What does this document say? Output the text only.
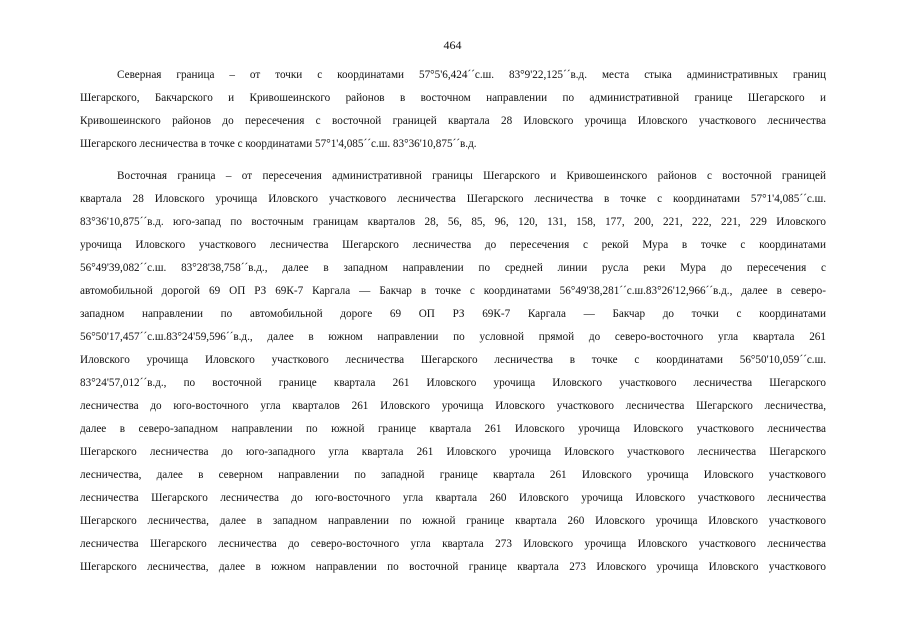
464
Северная граница – от точки с координатами 57°5'6,424´´с.ш. 83°9'22,125´´в.д. места стыка административных границ
Шегарского, Бакчарского и Кривошеинского районов в восточном направлении по административной границе Шегарского и
Кривошеинского районов до пересечения с восточной границей квартала 28 Иловского урочища Иловского участкового лесничества
Шегарского лесничества в точке с координатами 57°1'4,085´´с.ш. 83°36'10,875´´в.д.
Восточная граница – от пересечения административной границы Шегарского и Кривошеинского районов с восточной границей
квартала 28 Иловского урочища Иловского участкового лесничества Шегарского лесничества в точке с координатами 57°1'4,085´´с.ш.
83°36'10,875´´в.д. юго-запад по восточным границам кварталов 28, 56, 85, 96, 120, 131, 158, 177, 200, 221, 222, 221, 229 Иловского
урочища Иловского участкового лесничества Шегарского лесничества до пересечения с рекой Мура в точке с координатами
56°49'39,082´´с.ш. 83°28'38,758´´в.д., далее в западном направлении по средней линии русла реки Мура до пересечения с
автомобильной дорогой 69 ОП РЗ 69К-7 Каргала — Бакчар в точке с координатами 56°49'38,281´´с.ш.83°26'12,966´´в.д., далее в северо-
западном направлении по автомобильной дороге 69 ОП РЗ 69К-7 Каргала — Бакчар до точки с координатами
56°50'17,457´´с.ш.83°24'59,596´´в.д., далее в южном направлении по условной прямой до северо-восточного угла квартала 261
Иловского урочища Иловского участкового лесничества Шегарского лесничества в точке с координатами 56°50'10,059´´с.ш.
83°24'57,012´´в.д., по восточной границе квартала 261 Иловского урочища Иловского участкового лесничества Шегарского
лесничества до юго-восточного угла кварталов 261 Иловского урочища Иловского участкового лесничества Шегарского лесничества,
далее в северо-западном направлении по южной границе квартала 261 Иловского урочища Иловского участкового лесничества
Шегарского лесничества до юго-западного угла квартала 261 Иловского урочища Иловского участкового лесничества Шегарского
лесничества, далее в северном направлении по западной границе квартала 261 Иловского урочища Иловского участкового
лесничества Шегарского лесничества до юго-восточного угла квартала 260 Иловского урочища Иловского участкового лесничества
Шегарского лесничества, далее в западном направлении по южной границе квартала 260 Иловского урочища Иловского участкового
лесничества Шегарского лесничества до северо-восточного угла квартала 273 Иловского урочища Иловского участкового лесничества
Шегарского лесничества, далее в южном направлении по восточной границе квартала 273 Иловского урочища Иловского участкового
